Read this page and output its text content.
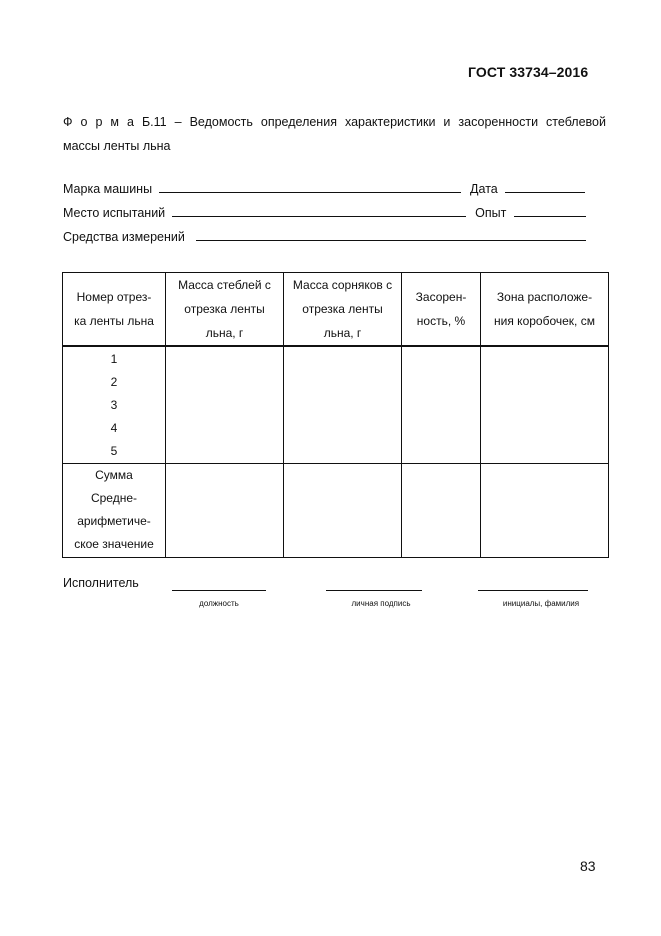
ГОСТ 33734–2016
Ф о р м а Б.11 – Ведомость определения характеристики и засоренности стеблевой
массы ленты льна
Марка машины	Дата
Место испытаний	Опыт
Средства измерений
Номер отрез- ка ленты льна	Масса стеблей с отрезка ленты льна, г	Масса сорняков с отрезка ленты льна, г	Засорен- ность, %	Зона расположе- ния коробочек, см

1
2
3
4
5				

Сумма
Средне- арифметиче- ское значение				

Исполнитель
должность	личная подпись	инициалы, фамилия
83
